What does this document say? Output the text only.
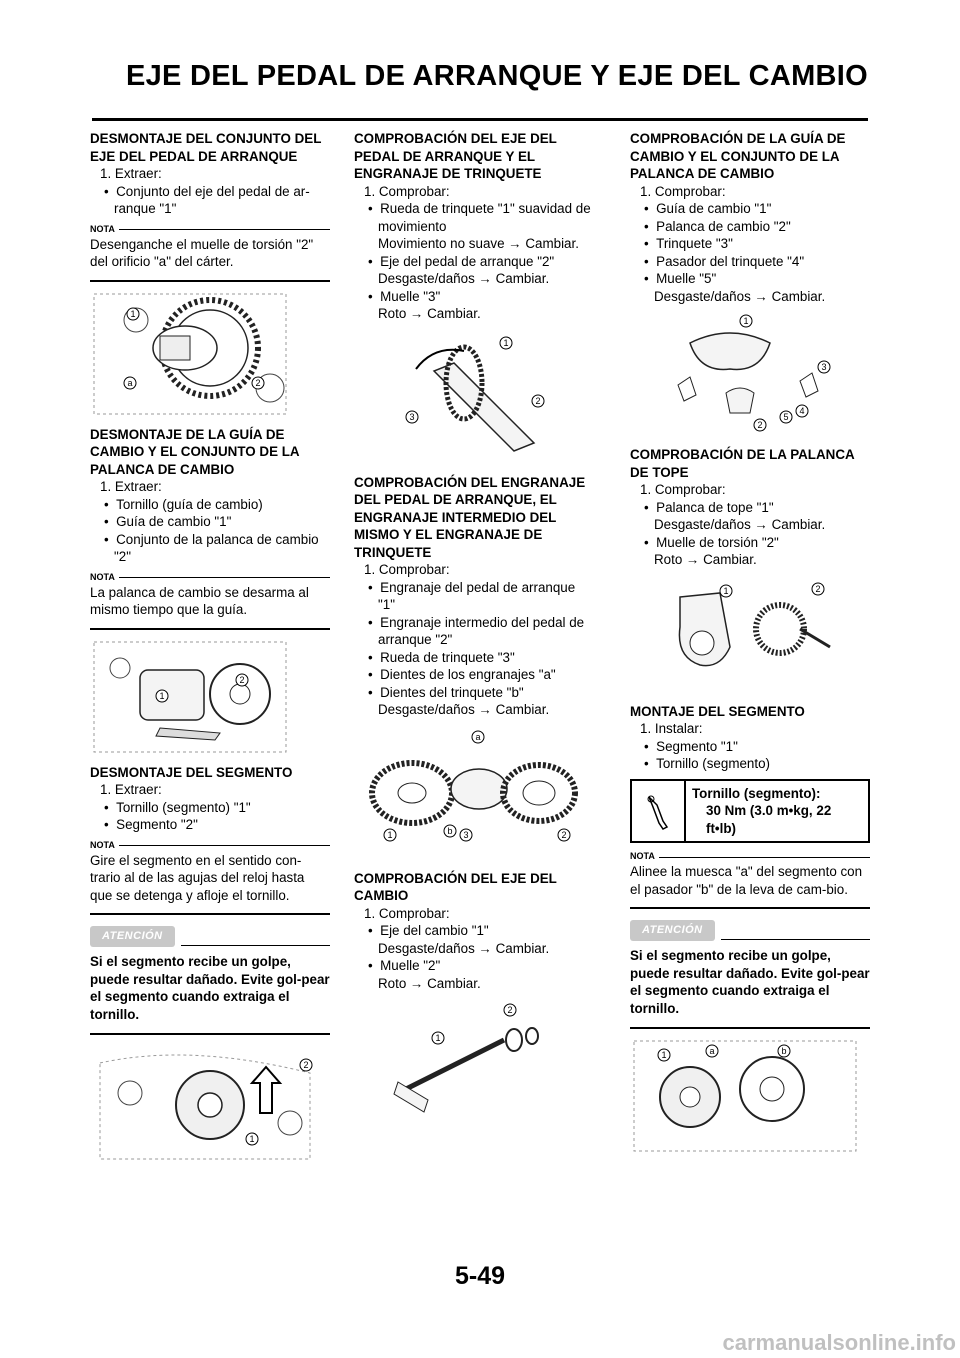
EJE DEL PEDAL DE ARRANQUE Y EJE DEL CAMBIO

DESMONTAJE DEL CONJUNTO DEL EJE DEL PEDAL DE ARRANQUE

1. Extraer:

•  Conjunto del eje del pedal de ar-ranque "1"

NOTA
Desenganche el muelle de torsión "2" del orificio "a" del cárter.
1
2
a

DESMONTAJE DE LA GUÍA DE CAMBIO Y EL CONJUNTO DE LA PALANCA DE CAMBIO

1. Extraer:

•  Tornillo (guía de cambio)

•  Guía de cambio "1"

•  Conjunto de la palanca de cambio "2"

NOTA
La palanca de cambio se desarma al mismo tiempo que la guía.
1
2

DESMONTAJE DEL SEGMENTO

1. Extraer:

•  Tornillo (segmento) "1"

•  Segmento "2"

NOTA
Gire el segmento en el sentido con-trario al de las agujas del reloj hasta que se detenga y afloje el tornillo.
ATENCIÓN
Si el segmento recibe un golpe, puede resultar dañado. Evite gol-pear el segmento cuando extraiga el tornillo.
2
1

COMPROBACIÓN DEL EJE DEL PEDAL DE ARRANQUE Y EL ENGRANAJE DE TRINQUETE

1. Comprobar:

•  Rueda de trinquete "1" suavidad de movimiento

Movimiento no suave → Cambiar.

•  Eje del pedal de arranque "2"

Desgaste/daños → Cambiar.

•  Muelle "3"

Roto → Cambiar.

1
2
3

COMPROBACIÓN DEL ENGRANAJE DEL PEDAL DE ARRANQUE, EL ENGRANAJE INTERMEDIO DEL MISMO Y EL ENGRANAJE DE TRINQUETE

1. Comprobar:

•  Engranaje del pedal de arranque "1"

•  Engranaje intermedio del pedal de arranque "2"

•  Rueda de trinquete "3"

•  Dientes de los engranajes "a"

•  Dientes del trinquete "b"

Desgaste/daños → Cambiar.

a
1	b 3	2

COMPROBACIÓN DEL EJE DEL CAMBIO

1. Comprobar:

•  Eje del cambio "1"

Desgaste/daños → Cambiar.

•  Muelle "2"

Roto → Cambiar.

1
2

COMPROBACIÓN DE LA GUÍA DE CAMBIO Y EL CONJUNTO DE LA PALANCA DE CAMBIO

1. Comprobar:

•  Guía de cambio "1"

•  Palanca de cambio "2"

•  Trinquete "3"

•  Pasador del trinquete "4"

•  Muelle "5"

Desgaste/daños → Cambiar.

1
3
2
5
4

COMPROBACIÓN DE LA PALANCA DE TOPE

1. Comprobar:

•  Palanca de tope "1"

Desgaste/daños → Cambiar.

•  Muelle de torsión "2"

Roto → Cambiar.

1	2

MONTAJE DEL SEGMENTO

1. Instalar:

•  Segmento "1"

•  Tornillo (segmento)

Tornillo (segmento):
30 Nm (3.0 m•kg, 22 ft•lb)
NOTA
Alinee la muesca "a" del segmento con el pasador "b" de la leva de cam-bio.
ATENCIÓN
Si el segmento recibe un golpe, puede resultar dañado. Evite gol-pear el segmento cuando extraiga el tornillo.
1	a	b
5-49
carmanualsonline.info
